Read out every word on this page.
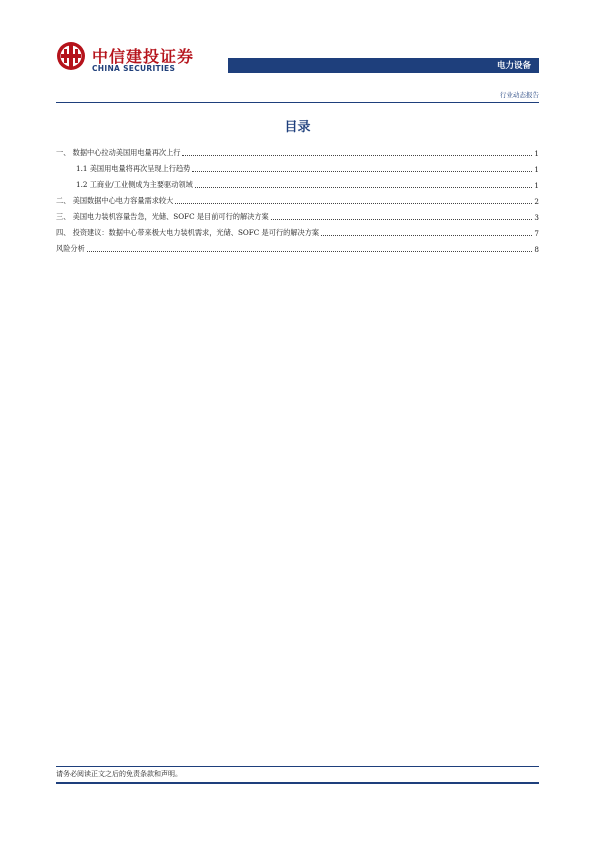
中信建投证券
CHINA SECURITIES	电力设备
行业动态报告
目录
一、 数据中心拉动美国用电量再次上行	1
1.1 美国用电量将再次呈现上行趋势	1
1.2 工商业/工业侧成为主要驱动领域	1
二、 美国数据中心电力容量需求较大	2
三、 美国电力装机容量告急，光储、SOFC 是目前可行的解决方案	3
四、 投资建议：数据中心带来极大电力装机需求，光储、SOFC 是可行的解决方案	7
风险分析	8
请务必阅读正文之后的免责条款和声明。
